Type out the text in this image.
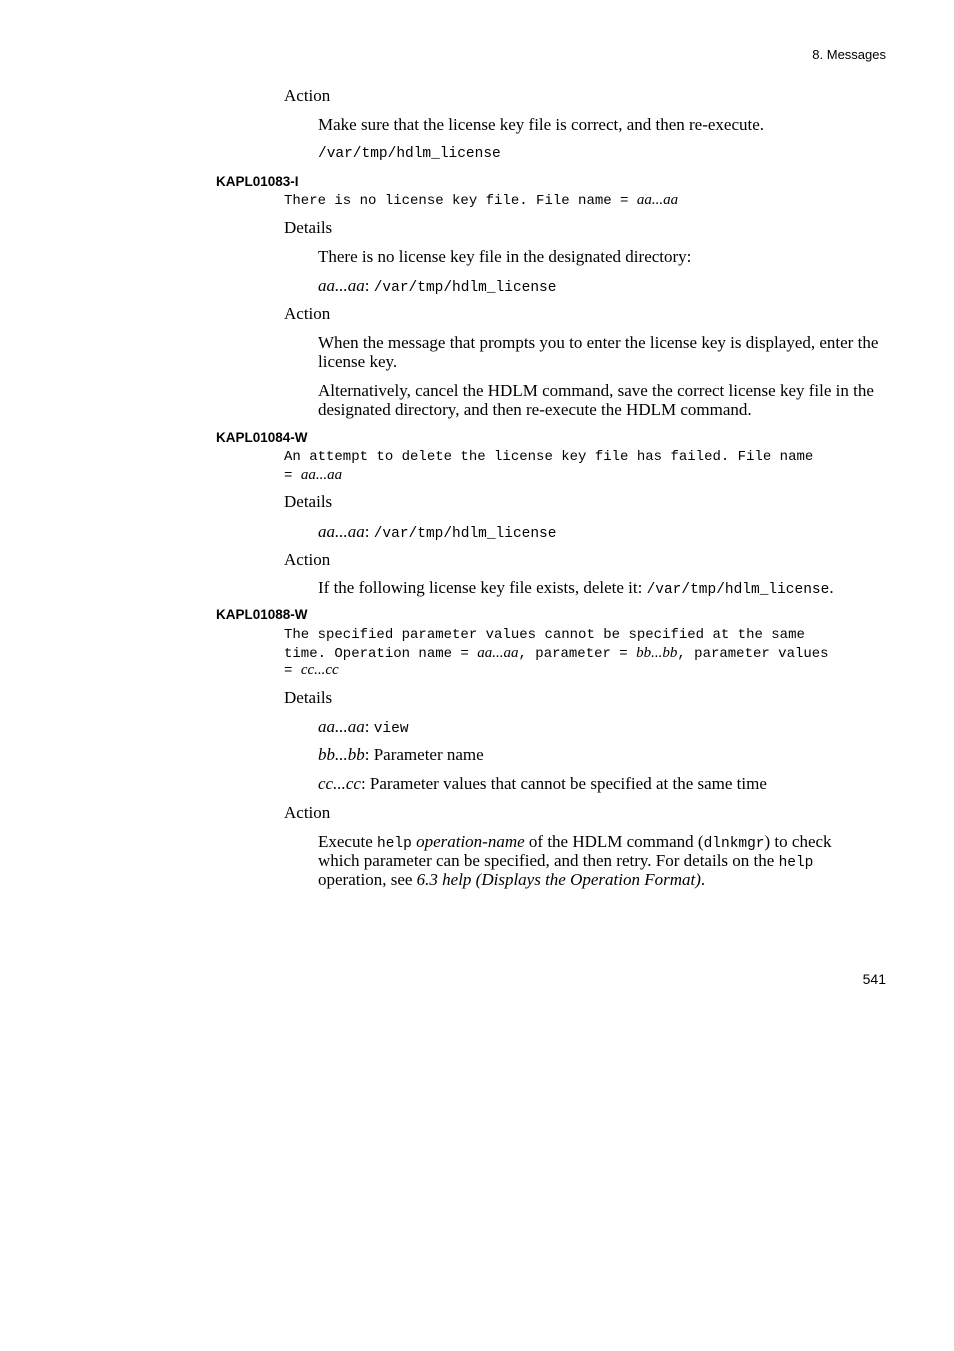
8. Messages
Action
Make sure that the license key file is correct, and then re-execute.
/var/tmp/hdlm_license
KAPL01083-I
There is no license key file. File name = aa...aa
Details
There is no license key file in the designated directory:
aa...aa: /var/tmp/hdlm_license
Action
When the message that prompts you to enter the license key is displayed, enter the
license key.
Alternatively, cancel the HDLM command, save the correct license key file in the
designated directory, and then re-execute the HDLM command.
KAPL01084-W
An attempt to delete the license key file has failed. File name
= aa...aa
Details
aa...aa: /var/tmp/hdlm_license
Action
If the following license key file exists, delete it: /var/tmp/hdlm_license.
KAPL01088-W
The specified parameter values cannot be specified at the same
time. Operation name = aa...aa, parameter = bb...bb, parameter values
= cc...cc
Details
aa...aa: view
bb...bb: Parameter name
cc...cc: Parameter values that cannot be specified at the same time
Action
Execute help operation-name of the HDLM command (dlnkmgr) to check
which parameter can be specified, and then retry. For details on the help
operation, see 6.3 help (Displays the Operation Format).
541
